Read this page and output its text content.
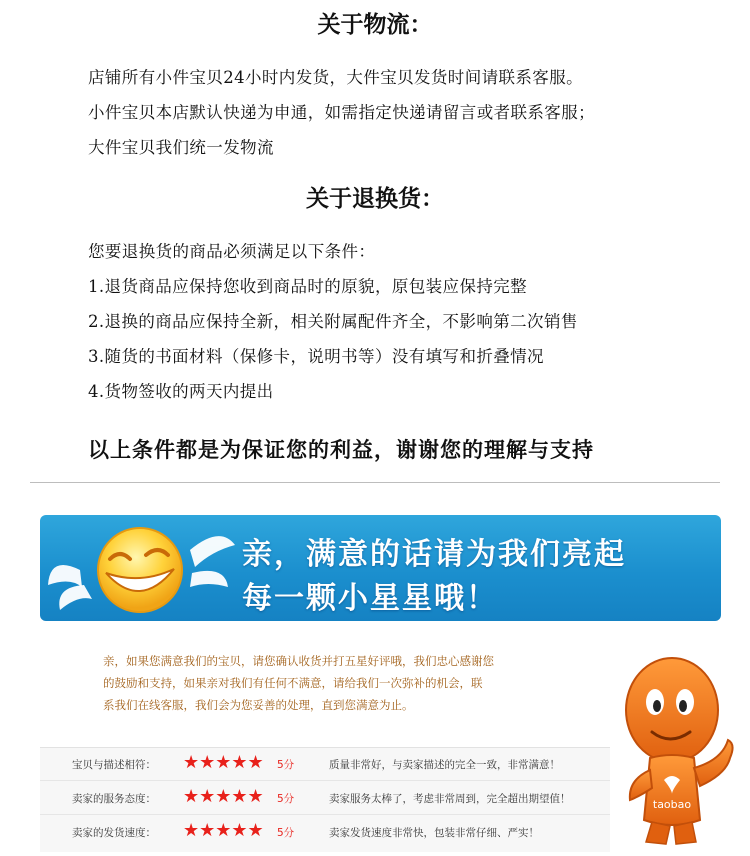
关于物流：
店铺所有小件宝贝24小时内发货，大件宝贝发货时间请联系客服。
小件宝贝本店默认快递为申通，如需指定快递请留言或者联系客服；
大件宝贝我们统一发物流
关于退换货：
您要退换货的商品必须满足以下条件：
1.退货商品应保持您收到商品时的原貌，原包装应保持完整
2.退换的商品应保持全新，相关附属配件齐全，不影响第二次销售
3.随货的书面材料（保修卡，说明书等）没有填写和折叠情况
4.货物签收的两天内提出
以上条件都是为保证您的利益，谢谢您的理解与支持
亲，满意的话请为我们亮起
每一颗小星星哦！
亲，如果您满意我们的宝贝，请您确认收货并打五星好评哦，我们忠心感谢您
的鼓励和支持，如果亲对我们有任何不满意，请给我们一次弥补的机会，联
系我们在线客服，我们会为您妥善的处理，直到您满意为止。
宝贝与描述相符： ★★★★★ 5分	质量非常好，与卖家描述的完全一致，非常满意！
卖家的服务态度： ★★★★★ 5分	卖家服务太棒了，考虑非常周到，完全超出期望值！
卖家的发货速度： ★★★★★ 5分	卖家发货速度非常快，包装非常仔细、严实！
taobao
